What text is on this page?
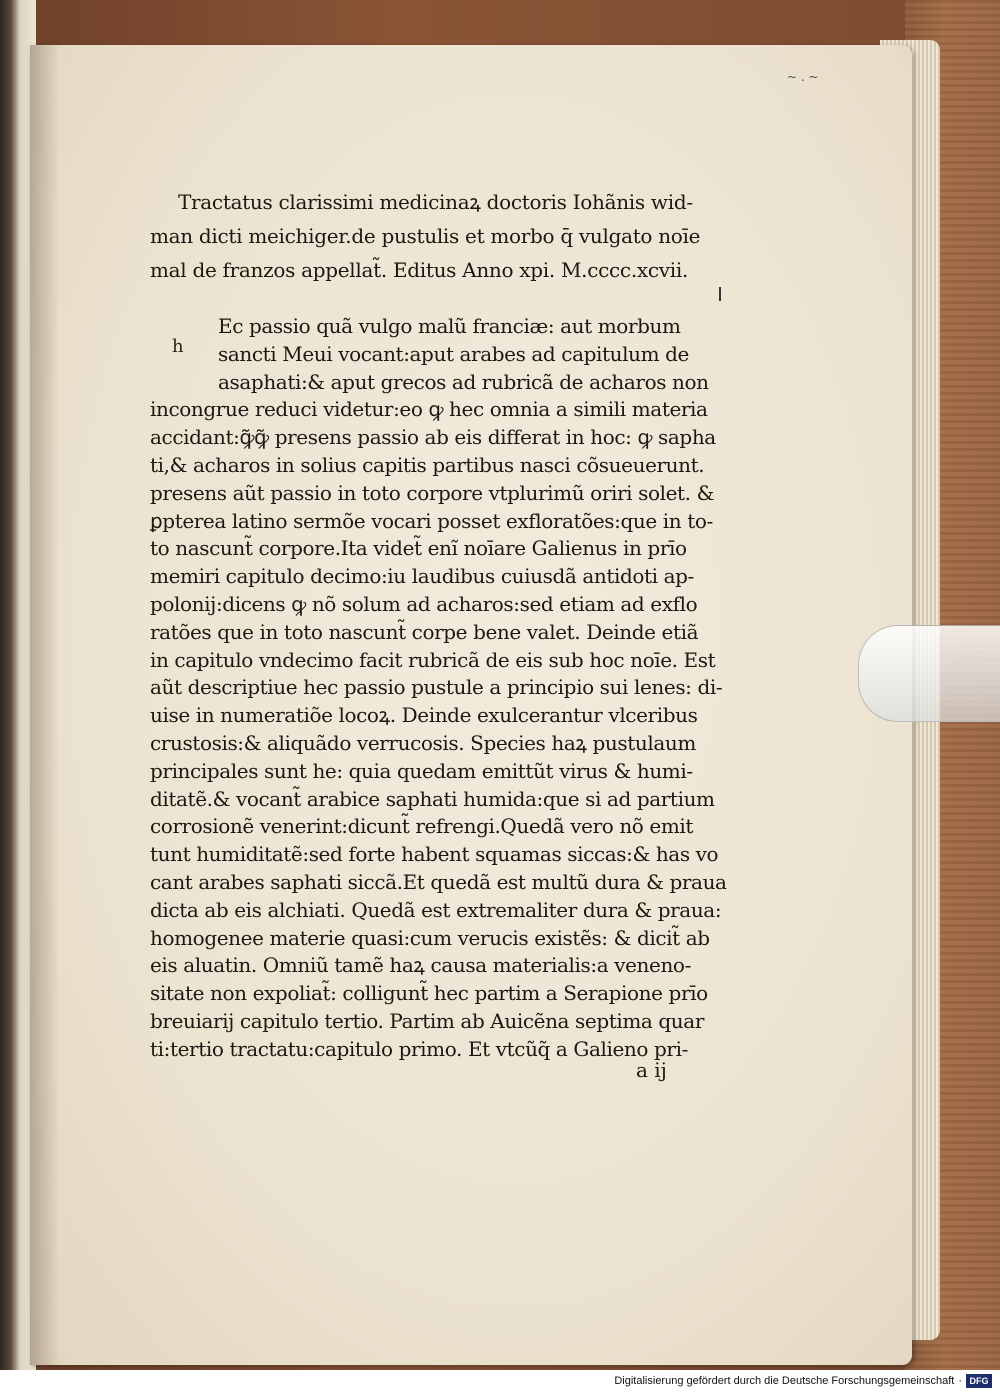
~ . ~
h
Tractatus clarissimi medicinaꝝ doctoris Iohãnis wid-
man dicti meichiger.de pustulis et morbo q̄ vulgato noīe
mal de franzos appellat̃. Editus Anno xpi. M.cccc.xcvii.
Ec passio quã vulgo malũ franciæ: aut morbum
sancti Meui vocant:aput arabes ad capitulum de
asaphati:& aput grecos ad rubricã de acharos non
incongrue reduci videtur:eo ꝙ hec omnia a simili materia
accidant:ꝙ͂ꝙ̃ presens passio ab eis differat in hoc: ꝙ sapha
ti,& acharos in solius capitis partibus nasci cõsueuerunt.
presens aũt passio in toto corpore vtplurimũ oriri solet. &
ꝑpterea latino sermõe vocari posset exfloratões:que in to-
to nascunt̃ corpore.Ita videt̃ enĩ noīare Galienus in prīo
memiri capitulo decimo:iu laudibus cuiusdã antidoti ap-
polonij:dicens ꝙ nõ solum ad acharos:sed etiam ad exflo
ratões que in toto nascunt̃ corpe bene valet. Deinde etiã
in capitulo vndecimo facit rubricã de eis sub hoc noīe. Est
aũt descriptiue hec passio pustule a principio sui lenes: di-
uise in numeratiõe locoꝝ. Deinde exulcerantur vlceribus
crustosis:& aliquãdo verrucosis. Species haꝝ pustulaum
principales sunt he: quia quedam emittũt virus & humi-
ditatẽ.& vocant̃ arabice saphati humida:que si ad partium
corrosionẽ venerint:dicunt̃ refrengi.Quedã vero nõ emit
tunt humiditatẽ:sed forte habent squamas siccas:& has vo
cant arabes saphati siccã.Et quedã est multũ dura & praua
dicta ab eis alchiati. Quedã est extremaliter dura & praua:
homogenee materie quasi:cum verucis existẽs: & dicit̃ ab
eis aluatin. Omniũ tamẽ haꝝ causa materialis:a veneno-
sitate non expoliat̃: colligunt̃ hec partim a Serapione prīo
breuiarij capitulo tertio. Partim ab Auicẽna septima quar
ti:tertio tractatu:capitulo primo. Et vtcũq̃ a Galieno pri-
a ij
Digitalisierung gefördert durch die Deutsche Forschungsgemeinschaft · DFG
